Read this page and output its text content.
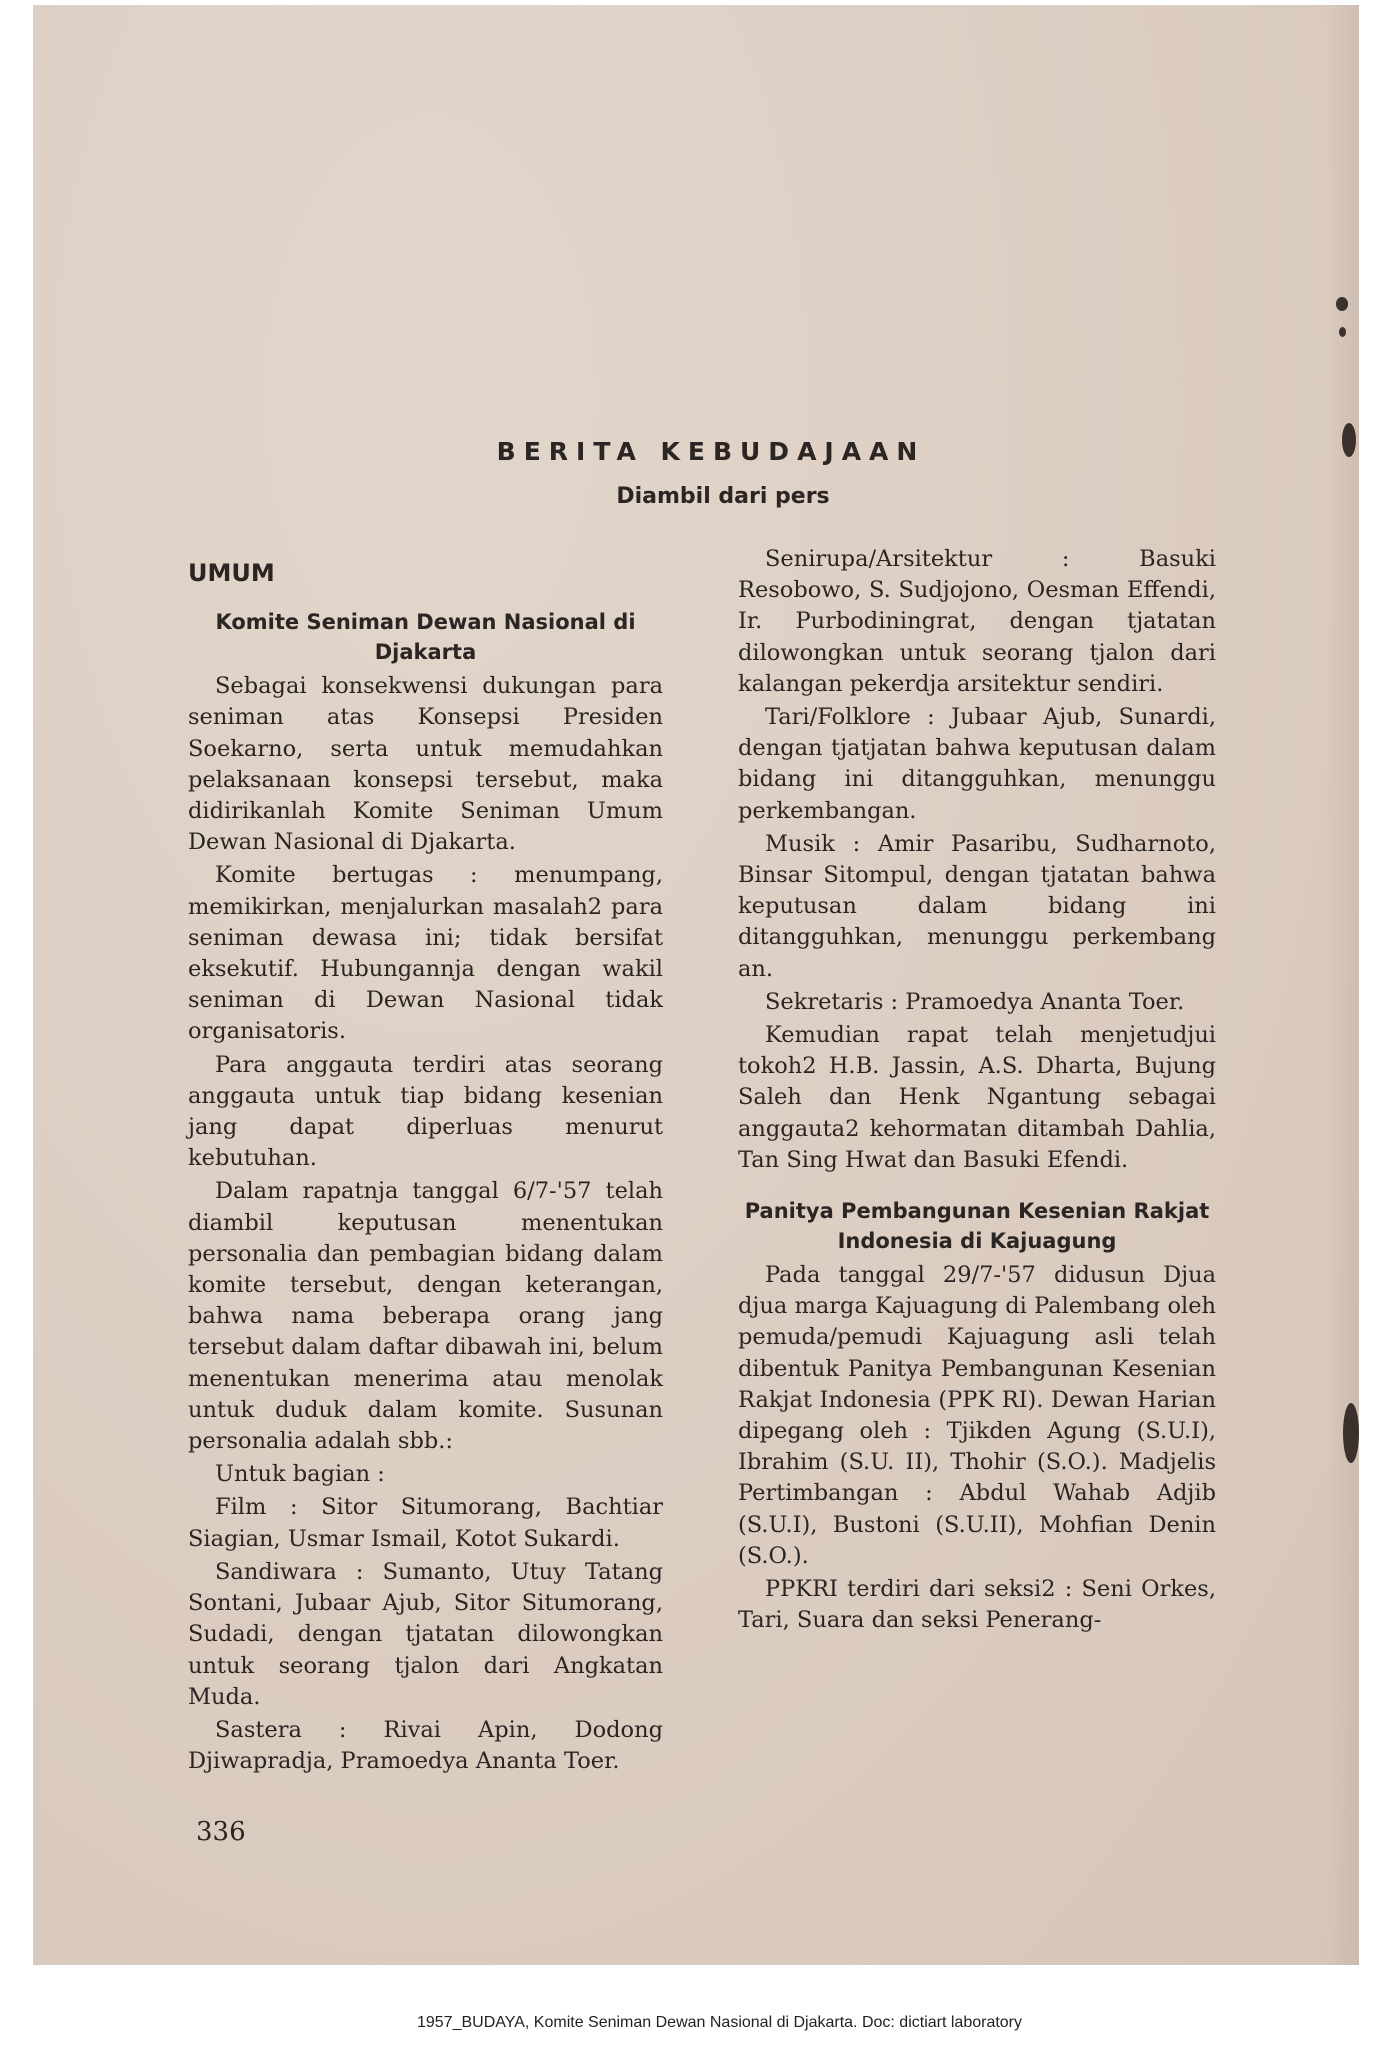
BERITA KEBUDAJAAN
Diambil dari pers
UMUM
Komite Seniman Dewan Nasional di Djakarta

Sebagai konsekwensi dukungan para seniman atas Konsepsi Presiden Soekarno, serta untuk memudahkan pelaksanaan konsepsi tersebut, maka didirikanlah Komite Seniman Umum Dewan Nasional di Djakarta.

Komite bertugas : menumpang, memikirkan, menjalurkan masalah2 para seniman dewasa ini; tidak bersifat eksekutif. Hubungannja dengan wakil seniman di Dewan Nasional tidak organisatoris.

Para anggauta terdiri atas seorang anggauta untuk tiap bidang kesenian jang dapat diperluas menurut kebutuhan.

Dalam rapatnja tanggal 6/7-'57 telah diambil keputusan menentukan personalia dan pembagian bidang dalam komite tersebut, dengan keterangan, bahwa nama beberapa orang jang tersebut dalam daftar dibawah ini, belum menentukan menerima atau menolak untuk duduk dalam komite. Susunan personalia adalah sbb.:

Untuk bagian :

Film : Sitor Situmorang, Bachtiar Siagian, Usmar Ismail, Kotot Sukardi.

Sandiwara : Sumanto, Utuy Tatang Sontani, Jubaar Ajub, Sitor Situmorang, Sudadi, dengan tjatatan dilowongkan untuk seorang tjalon dari Angkatan Muda.

Sastera : Rivai Apin, Dodong Djiwapradja, Pramoedya Ananta Toer.

Senirupa/Arsitektur : Basuki Resobowo, S. Sudjojono, Oesman Effendi, Ir. Purbodiningrat, dengan tjatatan dilowongkan untuk seorang tjalon dari kalangan pekerdja arsitektur sendiri.

Tari/Folklore : Jubaar Ajub, Sunardi, dengan tjatjatan bahwa keputusan dalam bidang ini ditangguhkan, menunggu perkembangan.

Musik : Amir Pasaribu, Sudharnoto, Binsar Sitompul, dengan tjatatan bahwa keputusan dalam bidang ini ditangguhkan, menunggu perkembang an.

Sekretaris : Pramoedya Ananta Toer.

Kemudian rapat telah menjetudjui tokoh2 H.B. Jassin, A.S. Dharta, Bujung Saleh dan Henk Ngantung sebagai anggauta2 kehormatan ditambah Dahlia, Tan Sing Hwat dan Basuki Efendi.

Panitya Pembangunan Kesenian Rakjat Indonesia di Kajuagung

Pada tanggal 29/7-'57 didusun Djua djua marga Kajuagung di Palembang oleh pemuda/pemudi Kajuagung asli telah dibentuk Panitya Pembangunan Kesenian Rakjat Indonesia (PPK RI). Dewan Harian dipegang oleh : Tjikden Agung (S.U.I), Ibrahim (S.U. II), Thohir (S.O.). Madjelis Pertimbangan : Abdul Wahab Adjib (S.U.I), Bustoni (S.U.II), Mohfian Denin (S.O.).

PPKRI terdiri dari seksi2 : Seni Orkes, Tari, Suara dan seksi Penerang-

336
1957_BUDAYA, Komite Seniman Dewan Nasional di Djakarta. Doc: dictiart laboratory
